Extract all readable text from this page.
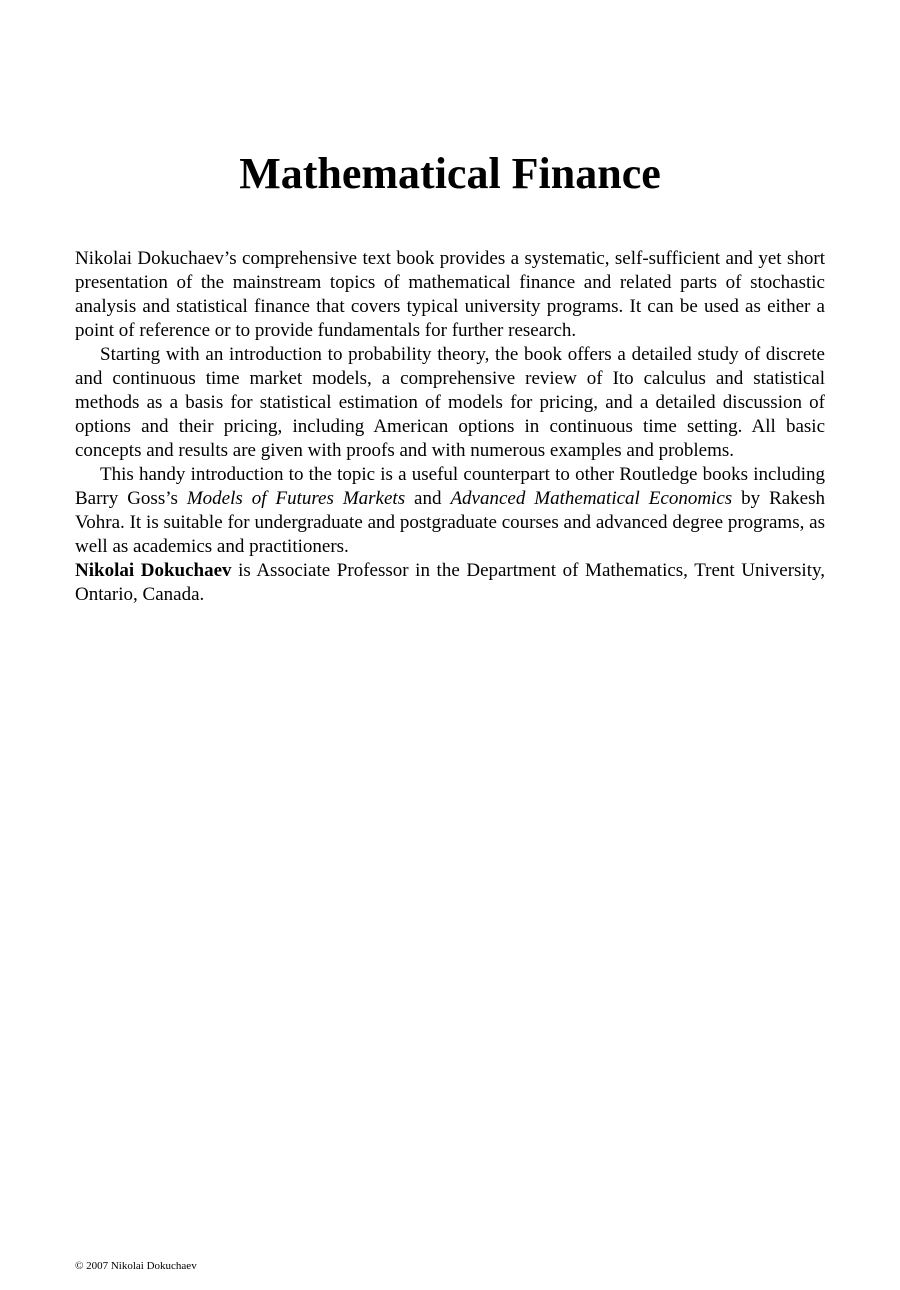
Mathematical Finance

Nikolai Dokuchaev’s comprehensive text book provides a systematic, self-sufficient and yet short presentation of the mainstream topics of mathematical finance and related parts of stochastic analysis and statistical finance that covers typical university programs. It can be used as either a point of reference or to provide fundamentals for further research.

Starting with an introduction to probability theory, the book offers a detailed study of discrete and continuous time market models, a comprehensive review of Ito calculus and statistical methods as a basis for statistical estimation of models for pricing, and a detailed discussion of options and their pricing, including American options in continuous time setting. All basic concepts and results are given with proofs and with numerous examples and problems.

This handy introduction to the topic is a useful counterpart to other Routledge books including Barry Goss’s Models of Futures Markets and Advanced Mathematical Economics by Rakesh Vohra. It is suitable for undergraduate and postgraduate courses and advanced degree programs, as well as academics and practitioners.

Nikolai Dokuchaev is Associate Professor in the Department of Mathematics, Trent University, Ontario, Canada.

© 2007 Nikolai Dokuchaev
